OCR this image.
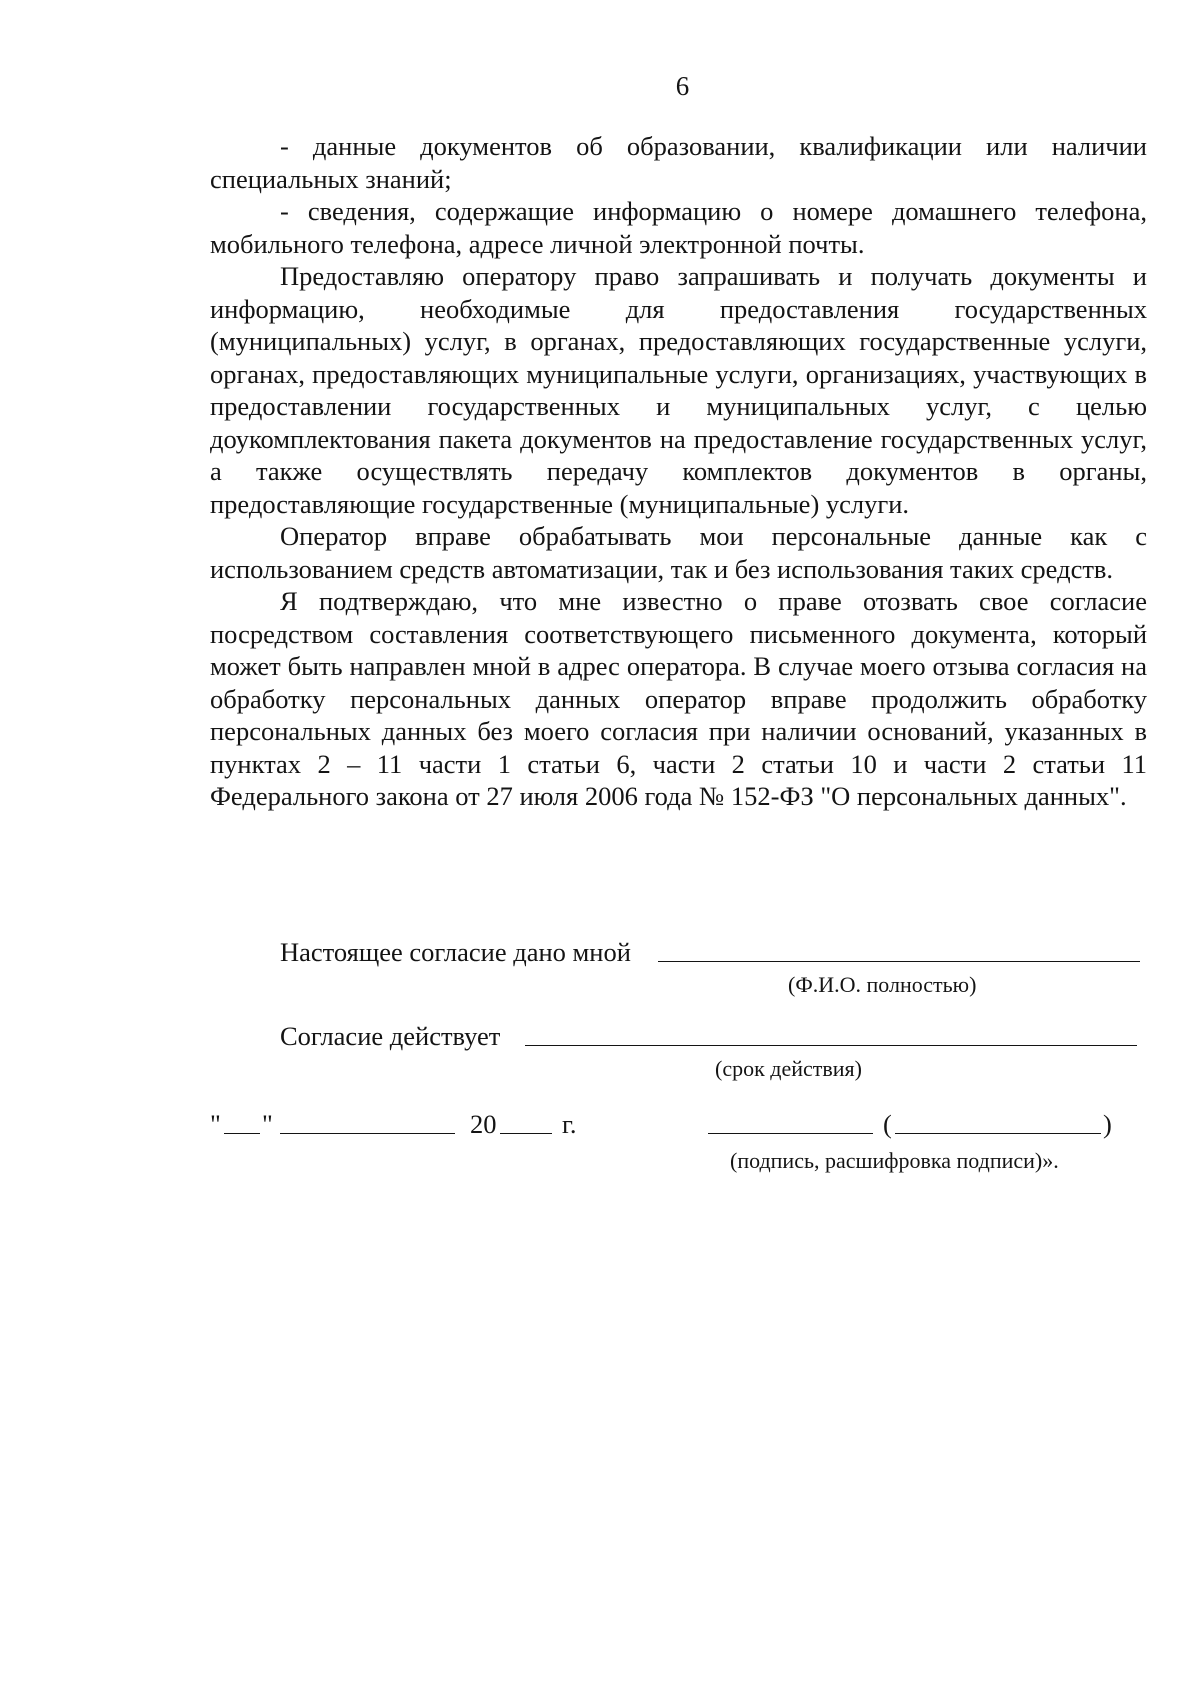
6

- данные документов об образовании, квалификации или наличии специальных знаний;

- сведения, содержащие информацию о номере домашнего телефона, мобильного телефона, адресе личной электронной почты.

Предоставляю оператору право запрашивать и получать документы и информацию, необходимые для предоставления государственных (муниципальных) услуг, в органах, предоставляющих государственные услуги, органах, предоставляющих муниципальные услуги, организациях, участвующих в предоставлении государственных и муниципальных услуг, с целью доукомплектования пакета документов на предоставление государственных услуг, а также осуществлять передачу комплектов документов в органы, предоставляющие государственные (муниципальные) услуги.

Оператор вправе обрабатывать мои персональные данные как с использованием средств автоматизации, так и без использования таких средств.

Я подтверждаю, что мне известно о праве отозвать свое согласие посредством составления соответствующего письменного документа, который может быть направлен мной в адрес оператора. В случае моего отзыва согласия на обработку персональных данных оператор вправе продолжить обработку персональных данных без моего согласия при наличии оснований, указанных в пунктах 2 – 11 части 1 статьи 6, части 2 статьи 10 и части 2 статьи 11 Федерального закона от 27 июля 2006 года № 152-ФЗ "О персональных данных".

Настоящее согласие дано мной
(Ф.И.О. полностью)
Согласие действует
(срок действия)
" "	20 г.	(	)
(подпись, расшифровка подписи)».
